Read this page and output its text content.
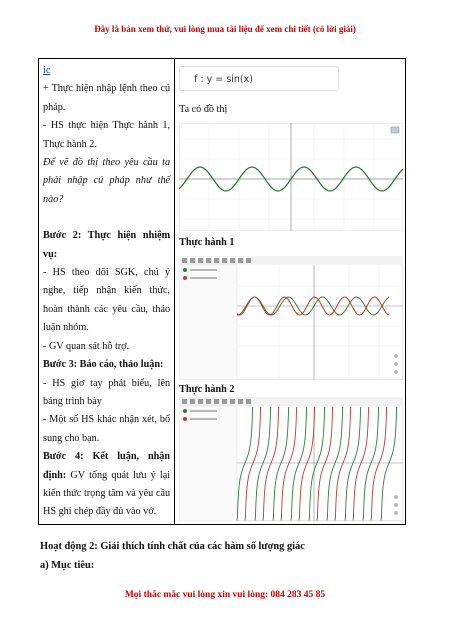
Đây là bản xem thử, vui lòng mua tài liệu để xem chi tiết (có lời giải)

ic

+ Thực hiện nhập lệnh theo cú pháp.

- HS thực hiện Thực hành 1, Thực hành 2.

Để vẽ đồ thị theo yêu cầu ta phải nhập cú pháp như thế nào?

Bước 2: Thực hiện nhiệm vụ:

- HS theo dõi SGK, chú ý nghe, tiếp nhận kiến thức, hoàn thành các yêu cầu, thảo luận nhóm.

- GV quan sát hỗ trợ.

Bước 3: Báo cáo, thảo luận:

- HS giơ tay phát biểu, lên bảng trình bày

- Một số HS khác nhận xét, bổ sung cho bạn.

Bước 4: Kết luận, nhận định: GV tổng quát lưu ý lại kiến thức trọng tâm và yêu cầu HS ghi chép đầy đủ vào vở.

f : y = sin(x)
Ta có đồ thị
Thực hành 1
Thực hành 2
Hoạt động 2: Giải thích tính chất của các hàm số lượng giác
a) Mục tiêu:
Mọi thắc mắc vui lòng xin vui lòng: 084 283 45 85
